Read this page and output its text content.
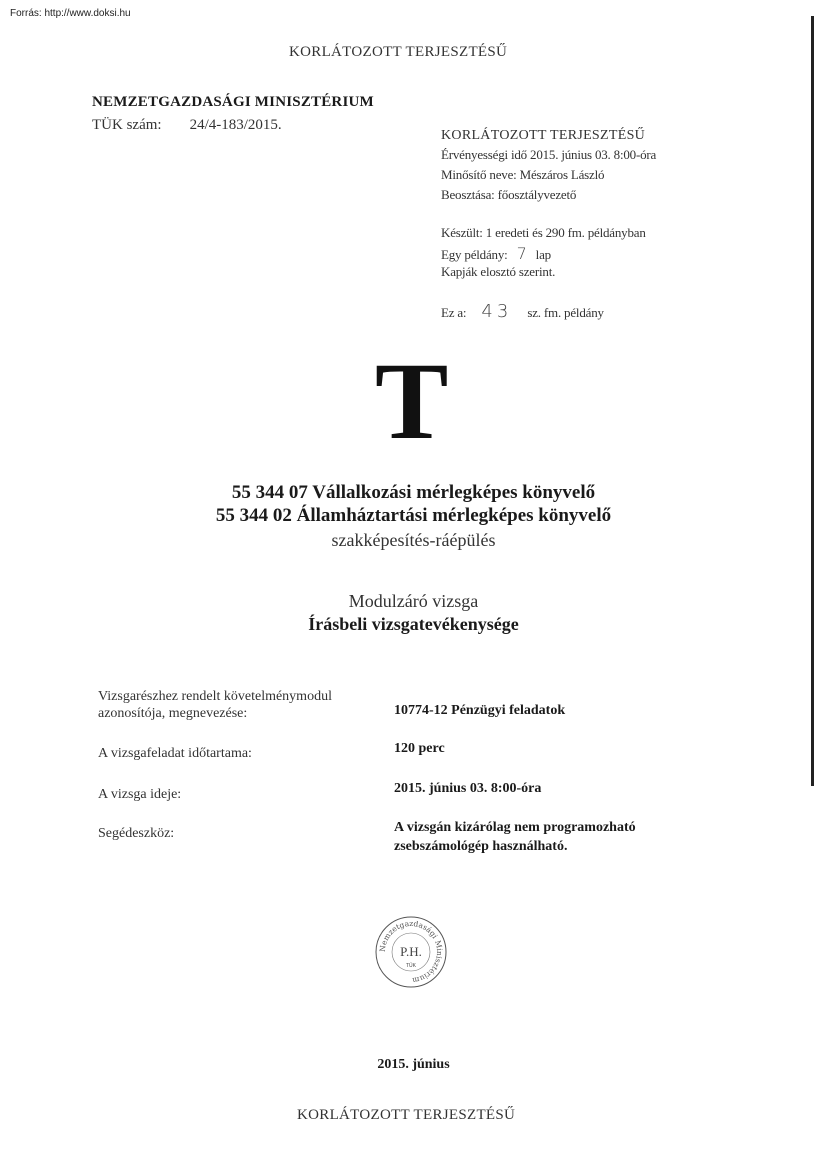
Forrás: http://www.doksi.hu
KORLÁTOZOTT TERJESZTÉSŰ
NEMZETGAZDASÁGI MINISZTÉRIUM
TÜK szám: 24/4-183/2015.
KORLÁTOZOTT TERJESZTÉSŰ
Érvényességi idő 2015. június 03. 8:00-óra
Minősítő neve: Mészáros László
Beosztása: főosztályvezető
Készült: 1 eredeti és 290 fm. példányban
Egy példány: 7 lap
Kapják elosztó szerint.
Ez a: 43 sz. fm. példány
T
55 344 07 Vállalkozási mérlegképes könyvelő
55 344 02 Államháztartási mérlegképes könyvelő
szakképesítés-ráépülés
Modulzáró vizsga
Írásbeli vizsgatevékenysége
Vizsgarészhez rendelt követelménymodul
azonosítója, megnevezése:	10774-12 Pénzügyi feladatok
A vizsgafeladat időtartama:	120 perc
A vizsga ideje:	2015. június 03. 8:00-óra
Segédeszköz:	A vizsgán kizárólag nem programozható
zsebszámológép használható.
Nemzetgazdasági Minisztérium
P.H.
TÜK
2015. június
KORLÁTOZOTT TERJESZTÉSŰ
